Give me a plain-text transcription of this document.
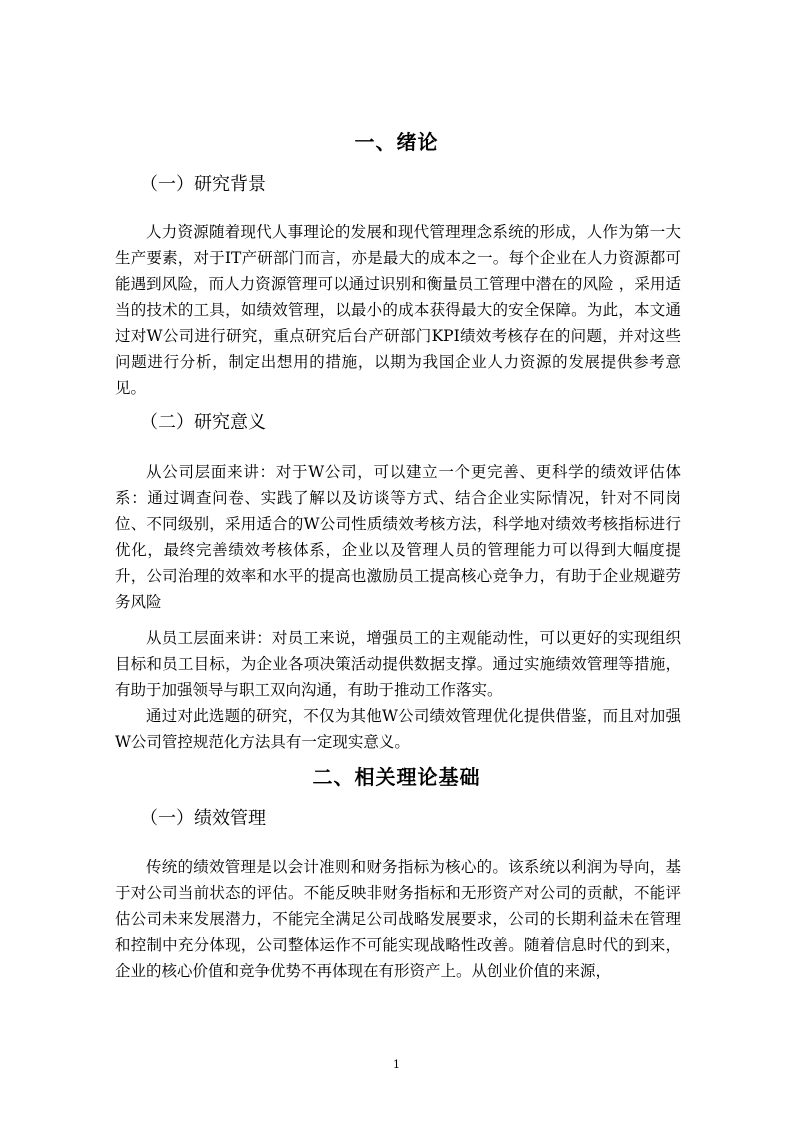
一、绪论
（一）研究背景

人力资源随着现代人事理论的发展和现代管理理念系统的形成，人作为第一大生产要素，对于IT产研部门而言，亦是最大的成本之一。每个企业在人力资源都可能遇到风险，而人力资源管理可以通过识别和衡量员工管理中潜在的风险 ，采用适当的技术的工具，如绩效管理，以最小的成本获得最大的安全保障。为此，本文通过对W公司进行研究，重点研究后台产研部门KPI绩效考核存在的问题，并对这些问题进行分析，制定出想用的措施，以期为我国企业人力资源的发展提供参考意见。

（二）研究意义

从公司层面来讲：对于W公司，可以建立一个更完善、更科学的绩效评估体系：通过调查问卷、实践了解以及访谈等方式、结合企业实际情况，针对不同岗位、不同级别，采用适合的W公司性质绩效考核方法，科学地对绩效考核指标进行优化，最终完善绩效考核体系，企业以及管理人员的管理能力可以得到大幅度提升，公司治理的效率和水平的提高也激励员工提高核心竞争力，有助于企业规避劳务风险

从员工层面来讲：对员工来说，增强员工的主观能动性，可以更好的实现组织目标和员工目标，为企业各项决策活动提供数据支撑。通过实施绩效管理等措施，有助于加强领导与职工双向沟通，有助于推动工作落实。

通过对此选题的研究，不仅为其他W公司绩效管理优化提供借鉴，而且对加强W公司管控规范化方法具有一定现实意义。

二、相关理论基础
（一）绩效管理

传统的绩效管理是以会计准则和财务指标为核心的。该系统以利润为导向，基于对公司当前状态的评估。不能反映非财务指标和无形资产对公司的贡献，不能评估公司未来发展潜力，不能完全满足公司战略发展要求，公司的长期利益未在管理和控制中充分体现，公司整体运作不可能实现战略性改善。随着信息时代的到来，企业的核心价值和竞争优势不再体现在有形资产上。从创业价值的来源，

1
